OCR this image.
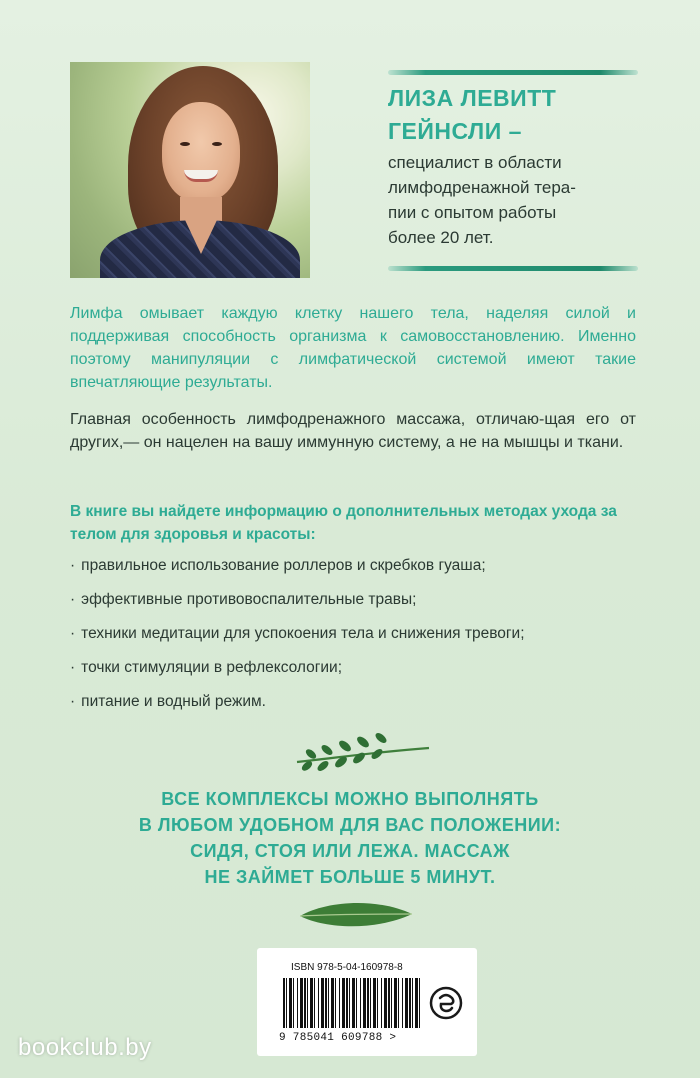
ЛИЗА ЛЕВИТТ
ГЕЙНСЛИ –
специалист в области
лимфодренажной тера-
пии с опытом работы
более 20 лет.

Лимфа омывает каждую клетку нашего тела, наделяя силой и поддерживая способность организма к самовосстановлению. Именно поэтому манипуляции с лимфатической системой имеют такие впечатляющие результаты.

Главная особенность лимфодренажного массажа, отличаю-щая его от других,— он нацелен на вашу иммунную систему, а не на мышцы и ткани.

В книге вы найдете информацию о дополнительных методах ухода за телом для здоровья и красоты:

· правильное использование роллеров и скребков гуаша;
· эффективные противовоспалительные травы;
· техники медитации для успокоения тела и снижения тревоги;
· точки стимуляции в рефлексологии;
· питание и водный режим.
ВСЕ КОМПЛЕКСЫ МОЖНО ВЫПОЛНЯТЬ
В ЛЮБОМ УДОБНОМ ДЛЯ ВАС ПОЛОЖЕНИИ:
СИДЯ, СТОЯ ИЛИ ЛЕЖА. МАССАЖ
НЕ ЗАЙМЕТ БОЛЬШЕ 5 МИНУТ.
ISBN 978-5-04-160978-8
9 785041 609788 >
bookclub.by
